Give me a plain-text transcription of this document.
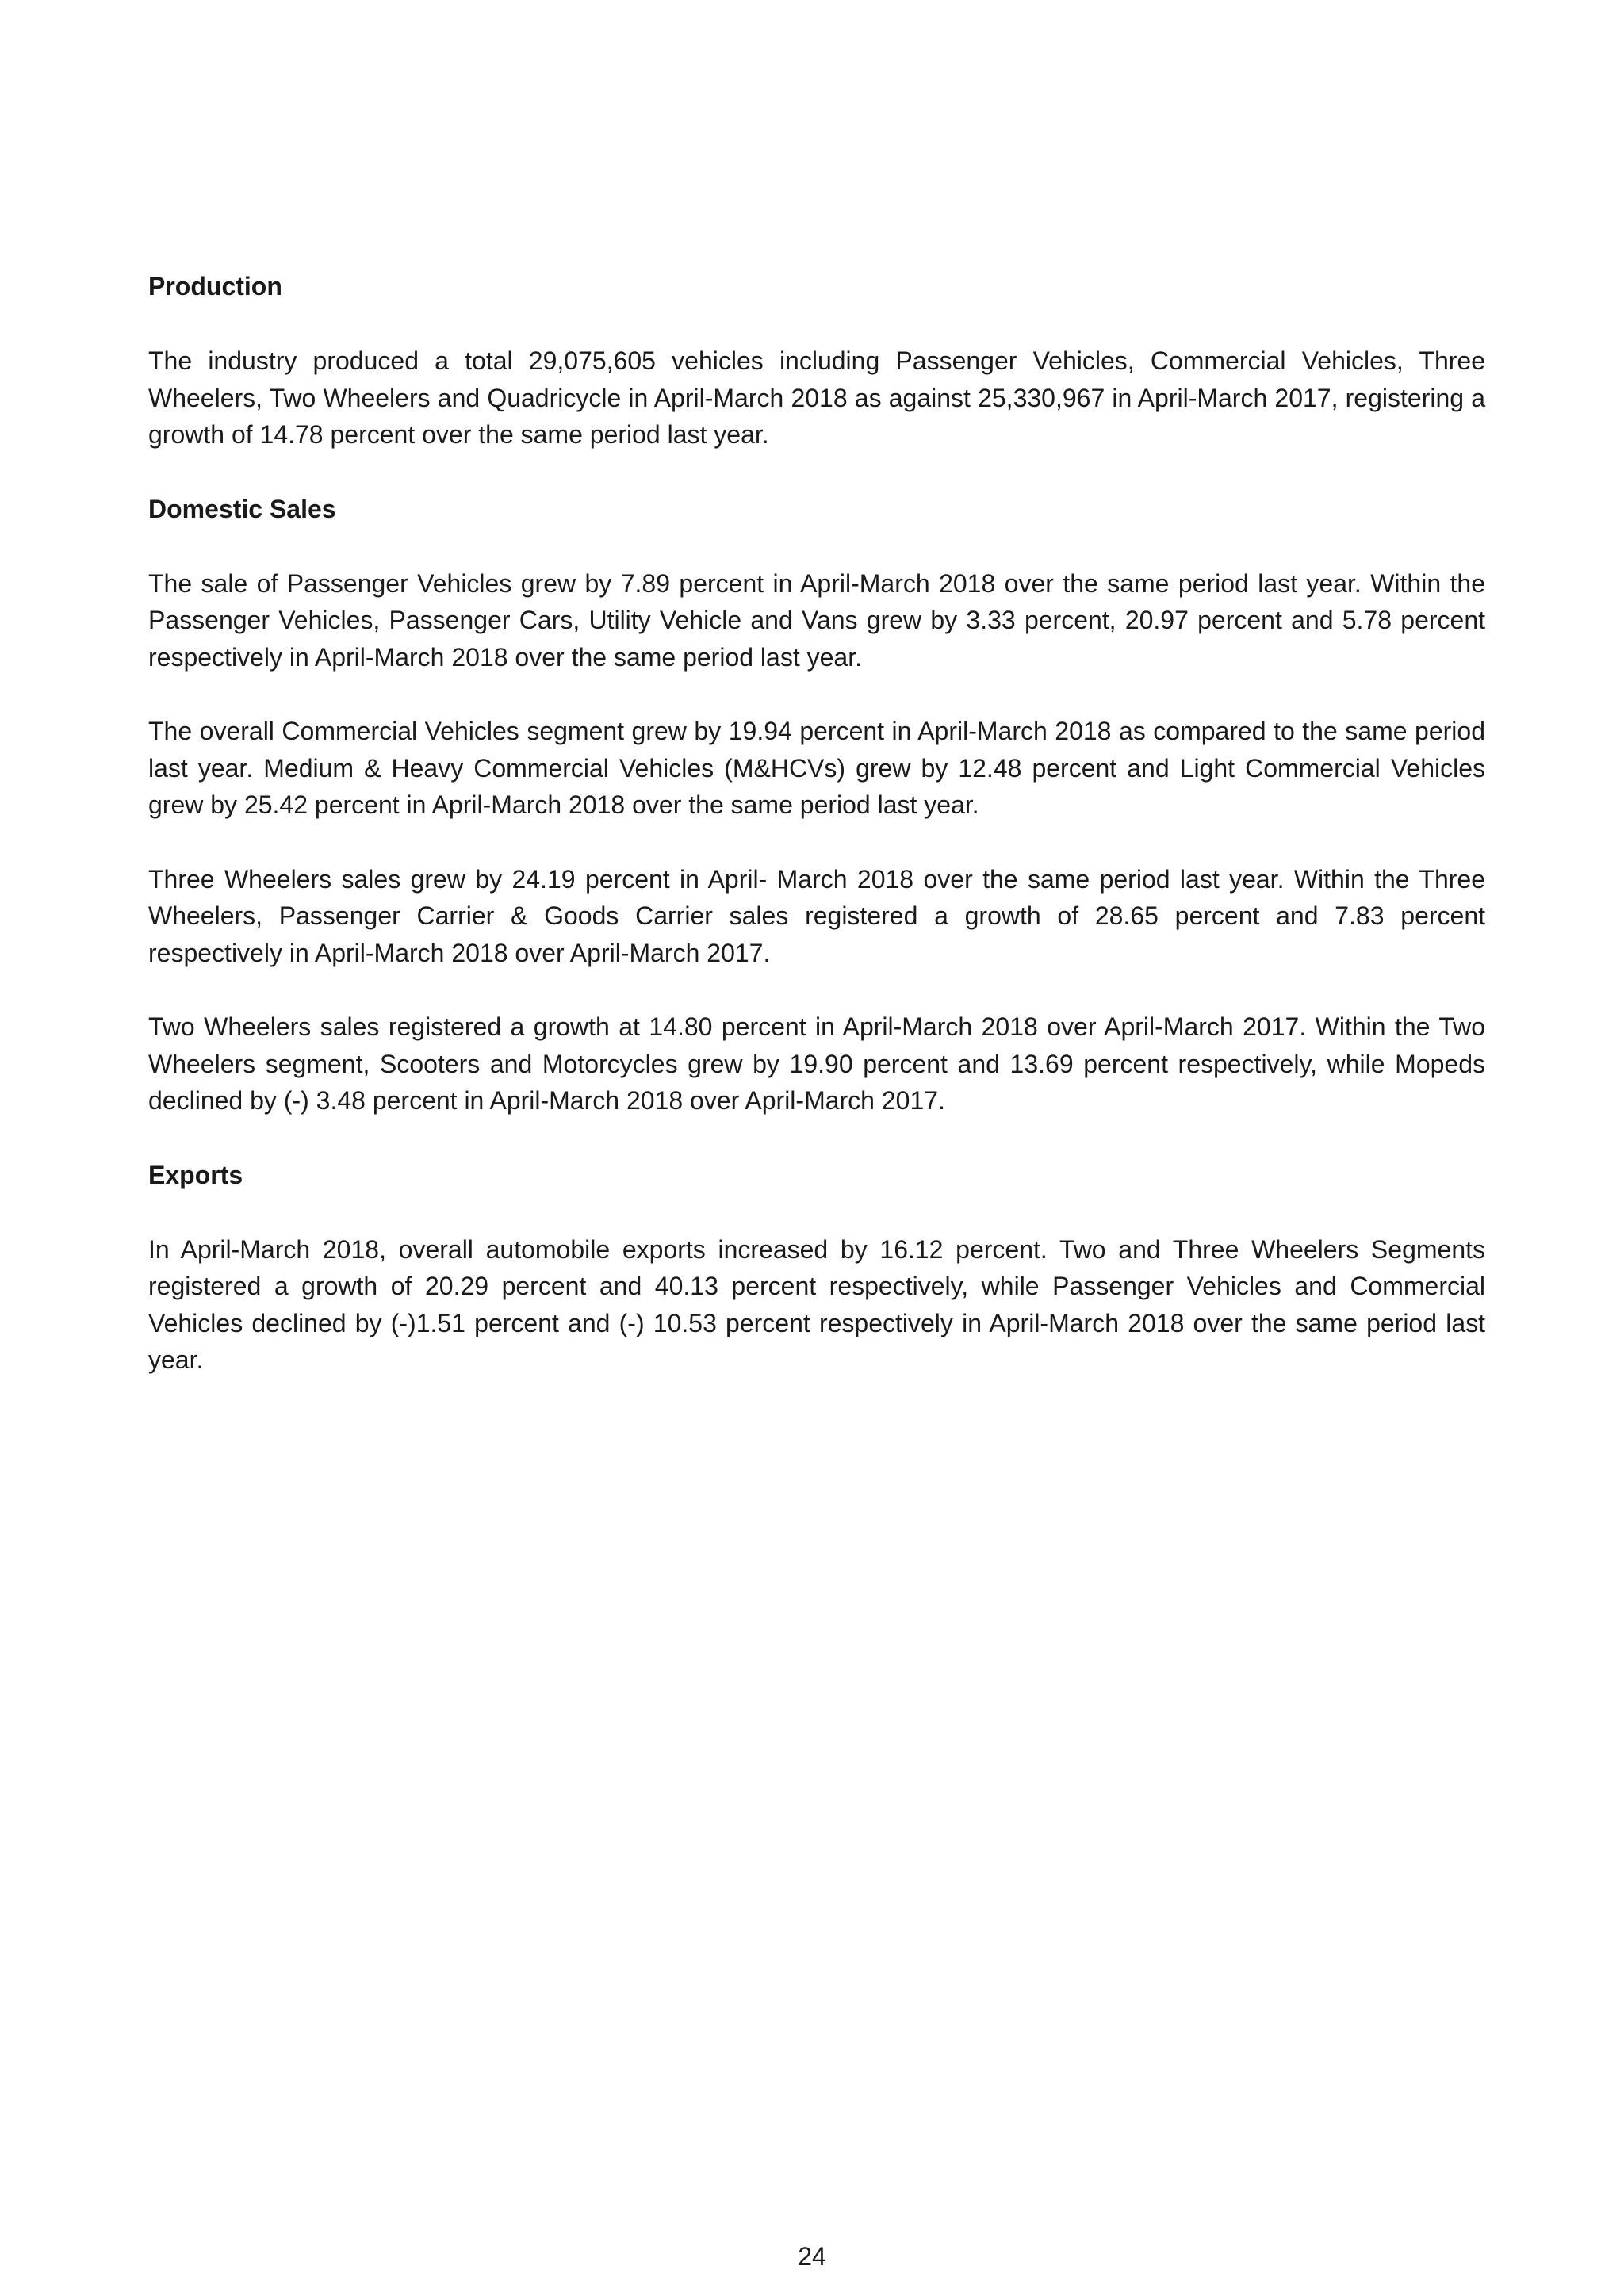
Production

The industry produced a total 29,075,605 vehicles including Passenger Vehicles, Commercial Vehicles, Three Wheelers, Two Wheelers and Quadricycle in April-March 2018 as against 25,330,967 in April-March 2017, registering a growth of 14.78 percent over the same period last year.

Domestic Sales

The sale of Passenger Vehicles grew by 7.89 percent in April-March 2018 over the same period last year. Within the Passenger Vehicles, Passenger Cars, Utility Vehicle and Vans grew by 3.33 percent, 20.97 percent and 5.78 percent respectively in April-March 2018 over the same period last year.

The overall Commercial Vehicles segment grew by 19.94 percent in April-March 2018 as compared to the same period last year. Medium & Heavy Commercial Vehicles (M&HCVs) grew by 12.48 percent and Light Commercial Vehicles grew by 25.42 percent in April-March 2018 over the same period last year.

Three Wheelers sales grew by 24.19 percent in April- March 2018 over the same period last year. Within the Three Wheelers, Passenger Carrier & Goods Carrier sales registered a growth of 28.65 percent and 7.83 percent respectively in April-March 2018 over April-March 2017.

Two Wheelers sales registered a growth at 14.80 percent in April-March 2018 over April-March 2017. Within the Two Wheelers segment, Scooters and Motorcycles grew by 19.90 percent and 13.69 percent respectively, while Mopeds declined by (-) 3.48 percent in April-March 2018 over April-March 2017.

Exports

In April-March 2018, overall automobile exports increased by 16.12 percent. Two and Three Wheelers Segments registered a growth of 20.29 percent and 40.13 percent respectively, while Passenger Vehicles and Commercial Vehicles declined by (-)1.51 percent and (-) 10.53 percent respectively in April-March 2018 over the same period last year.

24
